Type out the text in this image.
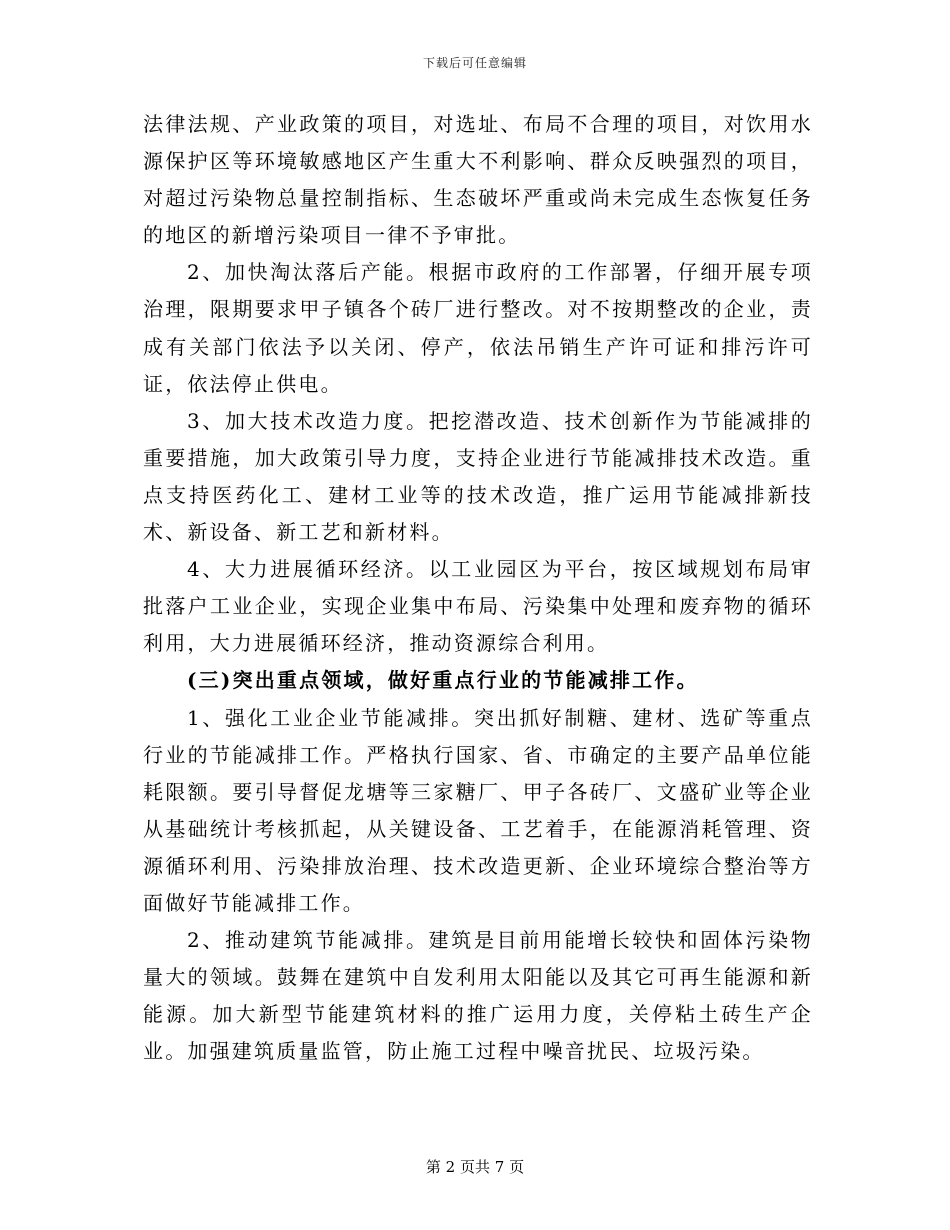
下载后可任意编辑

法律法规、产业政策的项目，对选址、布局不合理的项目，对饮用水源保护区等环境敏感地区产生重大不利影响、群众反映强烈的项目，对超过污染物总量控制指标、生态破坏严重或尚未完成生态恢复任务的地区的新增污染项目一律不予审批。

2、加快淘汰落后产能。根据市政府的工作部署，仔细开展专项治理，限期要求甲子镇各个砖厂进行整改。对不按期整改的企业，责成有关部门依法予以关闭、停产，依法吊销生产许可证和排污许可证，依法停止供电。

3、加大技术改造力度。把挖潜改造、技术创新作为节能减排的重要措施，加大政策引导力度，支持企业进行节能减排技术改造。重点支持医药化工、建材工业等的技术改造，推广运用节能减排新技术、新设备、新工艺和新材料。

4、大力进展循环经济。以工业园区为平台，按区域规划布局审批落户工业企业，实现企业集中布局、污染集中处理和废弃物的循环利用，大力进展循环经济，推动资源综合利用。

(三)突出重点领域，做好重点行业的节能减排工作。

1、强化工业企业节能减排。突出抓好制糖、建材、选矿等重点行业的节能减排工作。严格执行国家、省、市确定的主要产品单位能耗限额。要引导督促龙塘等三家糖厂、甲子各砖厂、文盛矿业等企业从基础统计考核抓起，从关键设备、工艺着手，在能源消耗管理、资源循环利用、污染排放治理、技术改造更新、企业环境综合整治等方面做好节能减排工作。

2、推动建筑节能减排。建筑是目前用能增长较快和固体污染物量大的领域。鼓舞在建筑中自发利用太阳能以及其它可再生能源和新能源。加大新型节能建筑材料的推广运用力度，关停粘土砖生产企业。加强建筑质量监管，防止施工过程中噪音扰民、垃圾污染。

第 2 页共 7 页
